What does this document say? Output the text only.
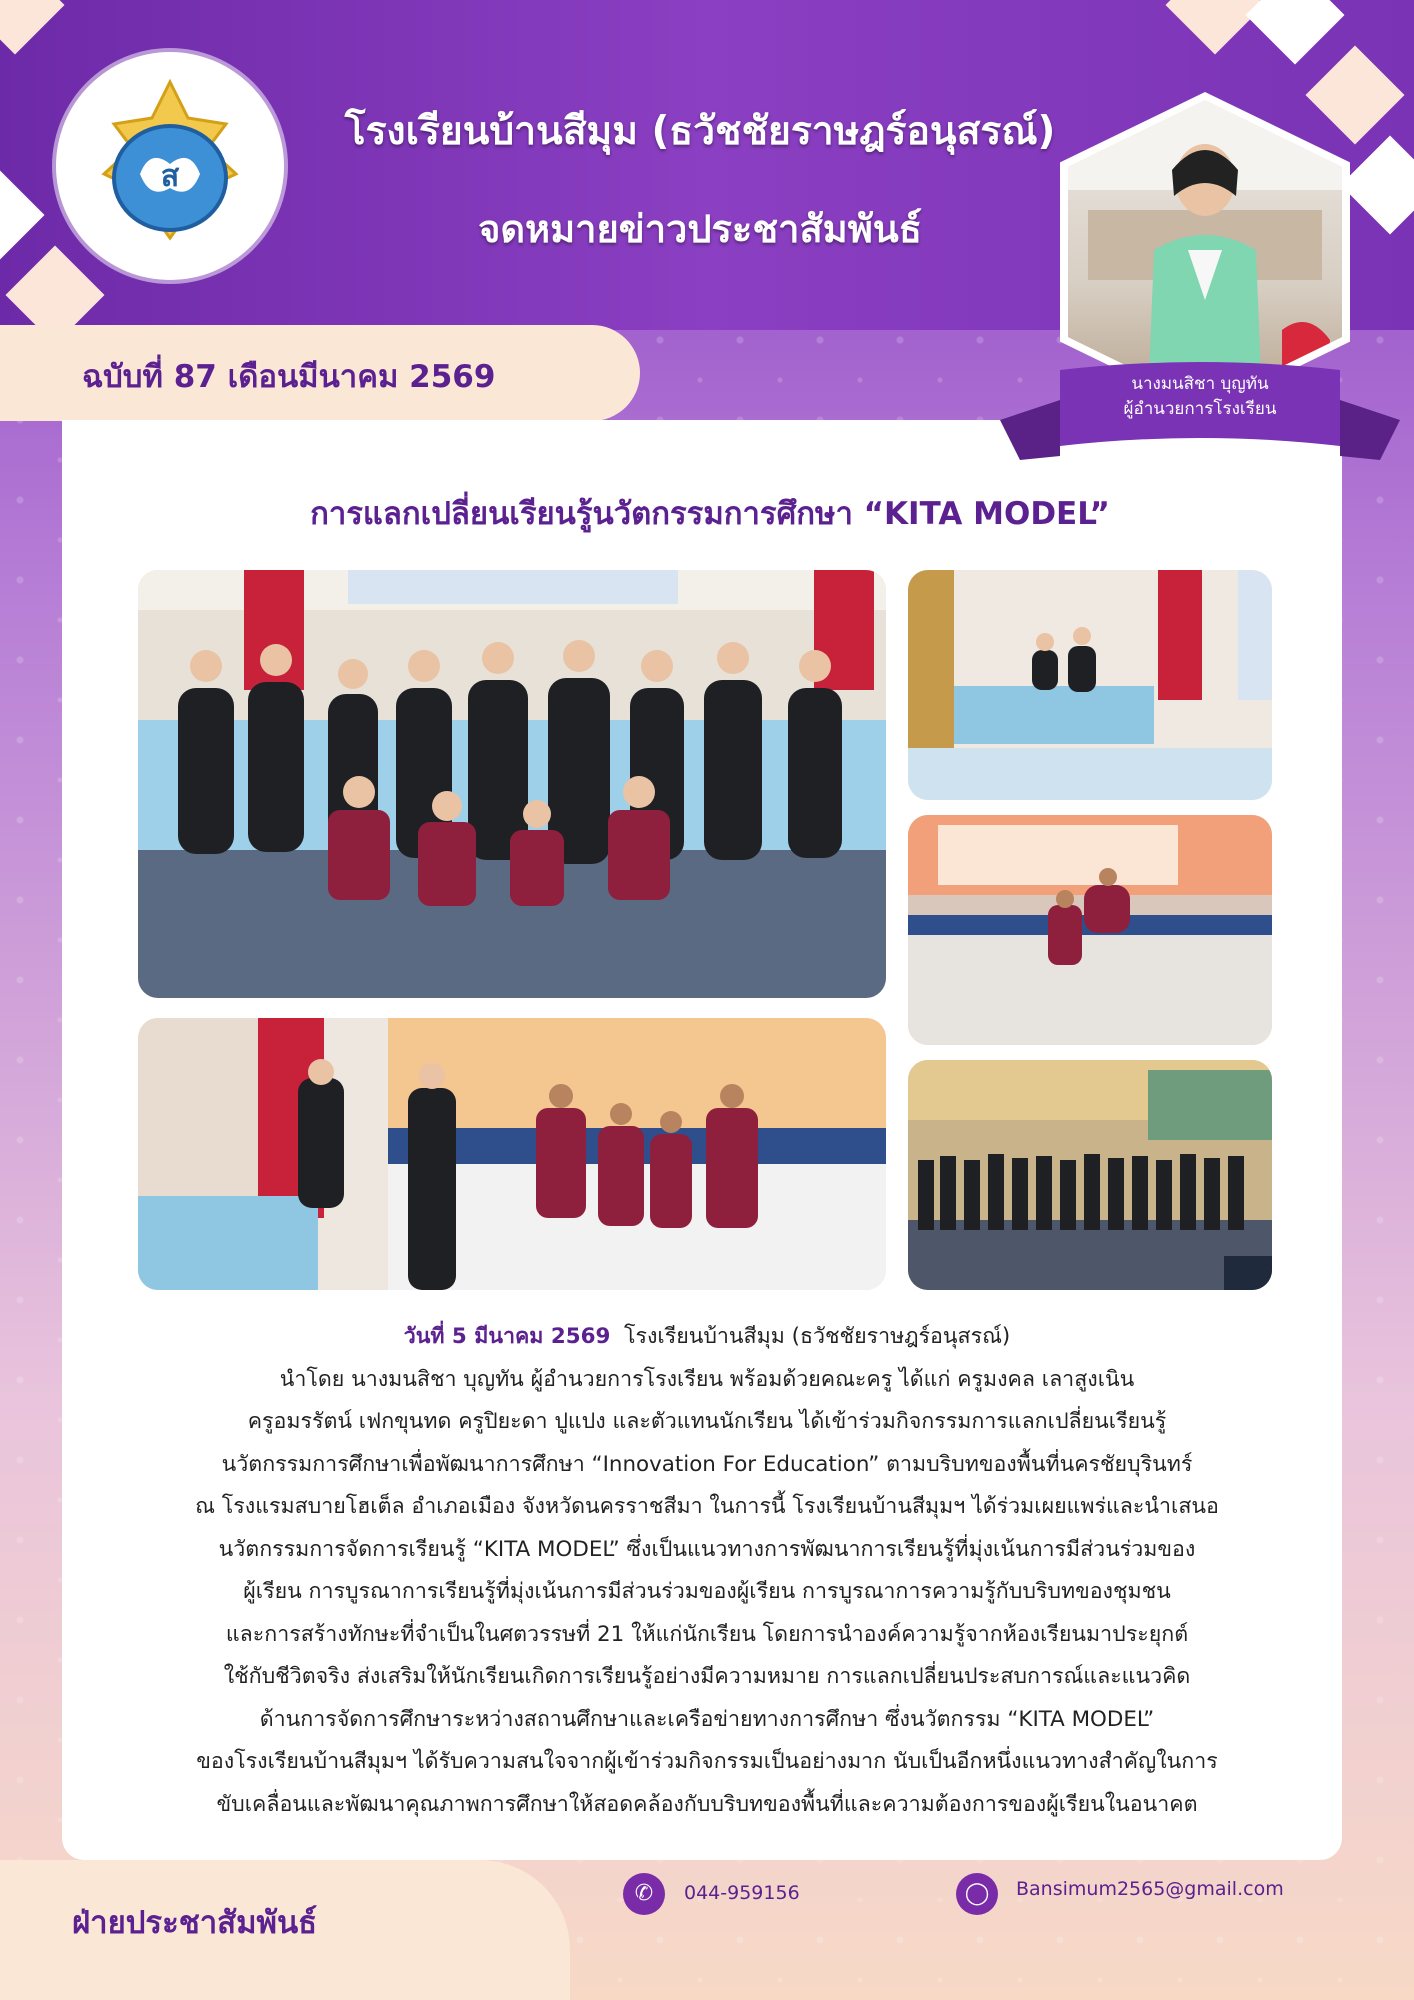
ส
โรงเรียนบ้านสีมุม (ธวัชชัยราษฎร์อนุสรณ์)
จดหมายข่าวประชาสัมพันธ์
ฉบับที่ 87 เดือนมีนาคม 2569	นางมนสิชา บุญทัน
ผู้อำนวยการโรงเรียน
การแลกเปลี่ยนเรียนรู้นวัตกรรมการศึกษา “KITA MODEL”
วันที่ 5 มีนาคม 2569 โรงเรียนบ้านสีมุม (ธวัชชัยราษฎร์อนุสรณ์)
นำโดย นางมนสิชา บุญทัน ผู้อำนวยการโรงเรียน พร้อมด้วยคณะครู ได้แก่ ครูมงคล เลาสูงเนิน
ครูอมรรัตน์ เฟกขุนทด ครูปิยะดา ปูแปง และตัวแทนนักเรียน ได้เข้าร่วมกิจกรรมการแลกเปลี่ยนเรียนรู้
นวัตกรรมการศึกษาเพื่อพัฒนาการศึกษา “Innovation For Education” ตามบริบทของพื้นที่นครชัยบุรินทร์
ณ โรงแรมสบายโฮเต็ล อำเภอเมือง จังหวัดนครราชสีมา ในการนี้ โรงเรียนบ้านสีมุมฯ ได้ร่วมเผยแพร่และนำเสนอ
นวัตกรรมการจัดการเรียนรู้ “KITA MODEL” ซึ่งเป็นแนวทางการพัฒนาการเรียนรู้ที่มุ่งเน้นการมีส่วนร่วมของ
ผู้เรียน การบูรณาการเรียนรู้ที่มุ่งเน้นการมีส่วนร่วมของผู้เรียน การบูรณาการความรู้กับบริบทของชุมชน
และการสร้างทักษะที่จำเป็นในศตวรรษที่ 21 ให้แก่นักเรียน โดยการนำองค์ความรู้จากห้องเรียนมาประยุกต์
ใช้กับชีวิตจริง ส่งเสริมให้นักเรียนเกิดการเรียนรู้อย่างมีความหมาย การแลกเปลี่ยนประสบการณ์และแนวคิด
ด้านการจัดการศึกษาระหว่างสถานศึกษาและเครือข่ายทางการศึกษา ซึ่งนวัตกรรม “KITA MODEL”
ของโรงเรียนบ้านสีมุมฯ ได้รับความสนใจจากผู้เข้าร่วมกิจกรรมเป็นอย่างมาก นับเป็นอีกหนึ่งแนวทางสำคัญในการ
ขับเคลื่อนและพัฒนาคุณภาพการศึกษาให้สอดคล้องกับบริบทของพื้นที่และความต้องการของผู้เรียนในอนาคต
ฝ่ายประชาสัมพันธ์
✆	044-959156	◯	Bansimum2565@gmail.com
